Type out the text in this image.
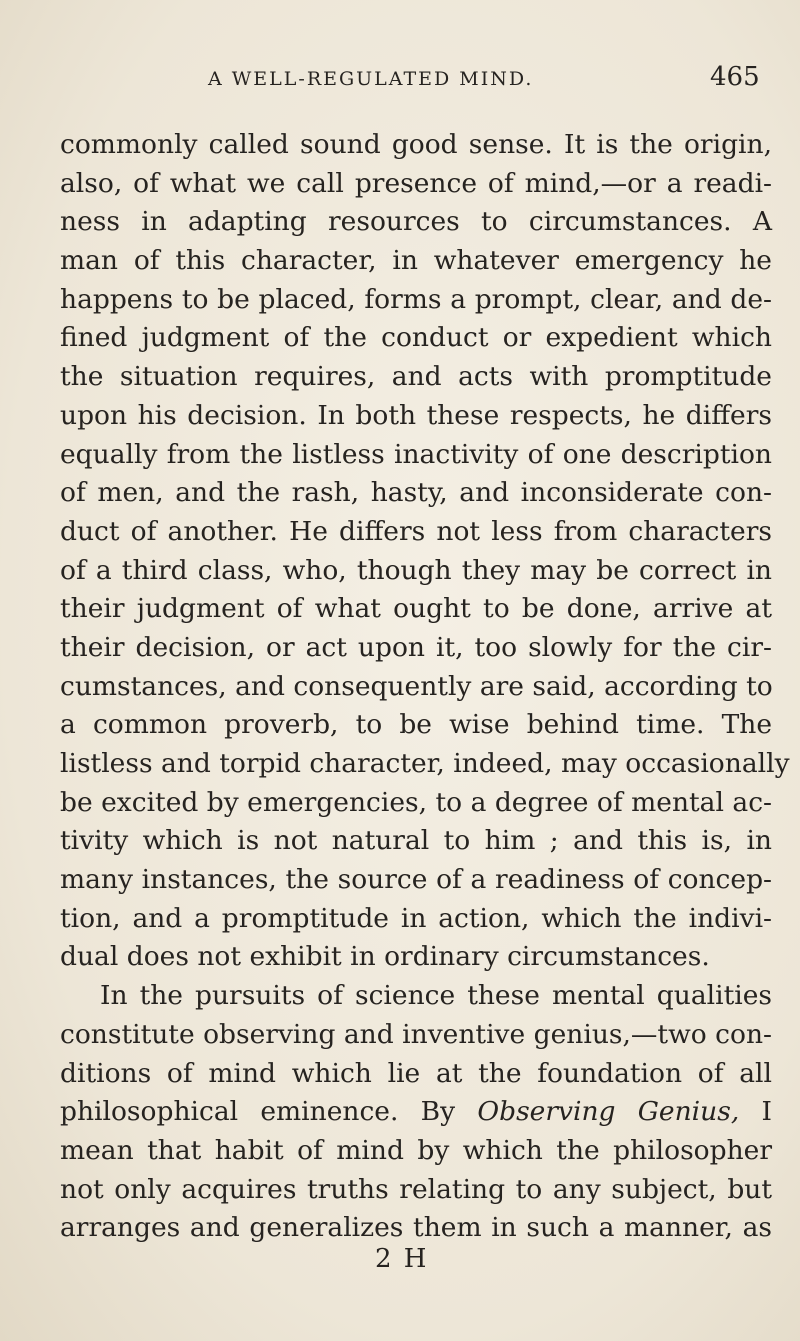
A WELL-REGULATED MIND.	465
commonly called sound good sense. It is the origin,
also, of what we call presence of mind,—or a readi-
ness in adapting resources to circumstances. A
man of this character, in whatever emergency he
happens to be placed, forms a prompt, clear, and de-
fined judgment of the conduct or expedient which
the situation requires, and acts with promptitude
upon his decision. In both these respects, he differs
equally from the listless inactivity of one description
of men, and the rash, hasty, and inconsiderate con-
duct of another. He differs not less from characters
of a third class, who, though they may be correct in
their judgment of what ought to be done, arrive at
their decision, or act upon it, too slowly for the cir-
cumstances, and consequently are said, according to
a common proverb, to be wise behind time. The
listless and torpid character, indeed, may occasionally
be excited by emergencies, to a degree of mental ac-
tivity which is not natural to him ; and this is, in
many instances, the source of a readiness of concep-
tion, and a promptitude in action, which the indivi-
dual does not exhibit in ordinary circumstances.
In the pursuits of science these mental qualities
constitute observing and inventive genius,—two con-
ditions of mind which lie at the foundation of all
philosophical eminence. By Observing Genius, I
mean that habit of mind by which the philosopher
not only acquires truths relating to any subject, but
arranges and generalizes them in such a manner, as
2 H
